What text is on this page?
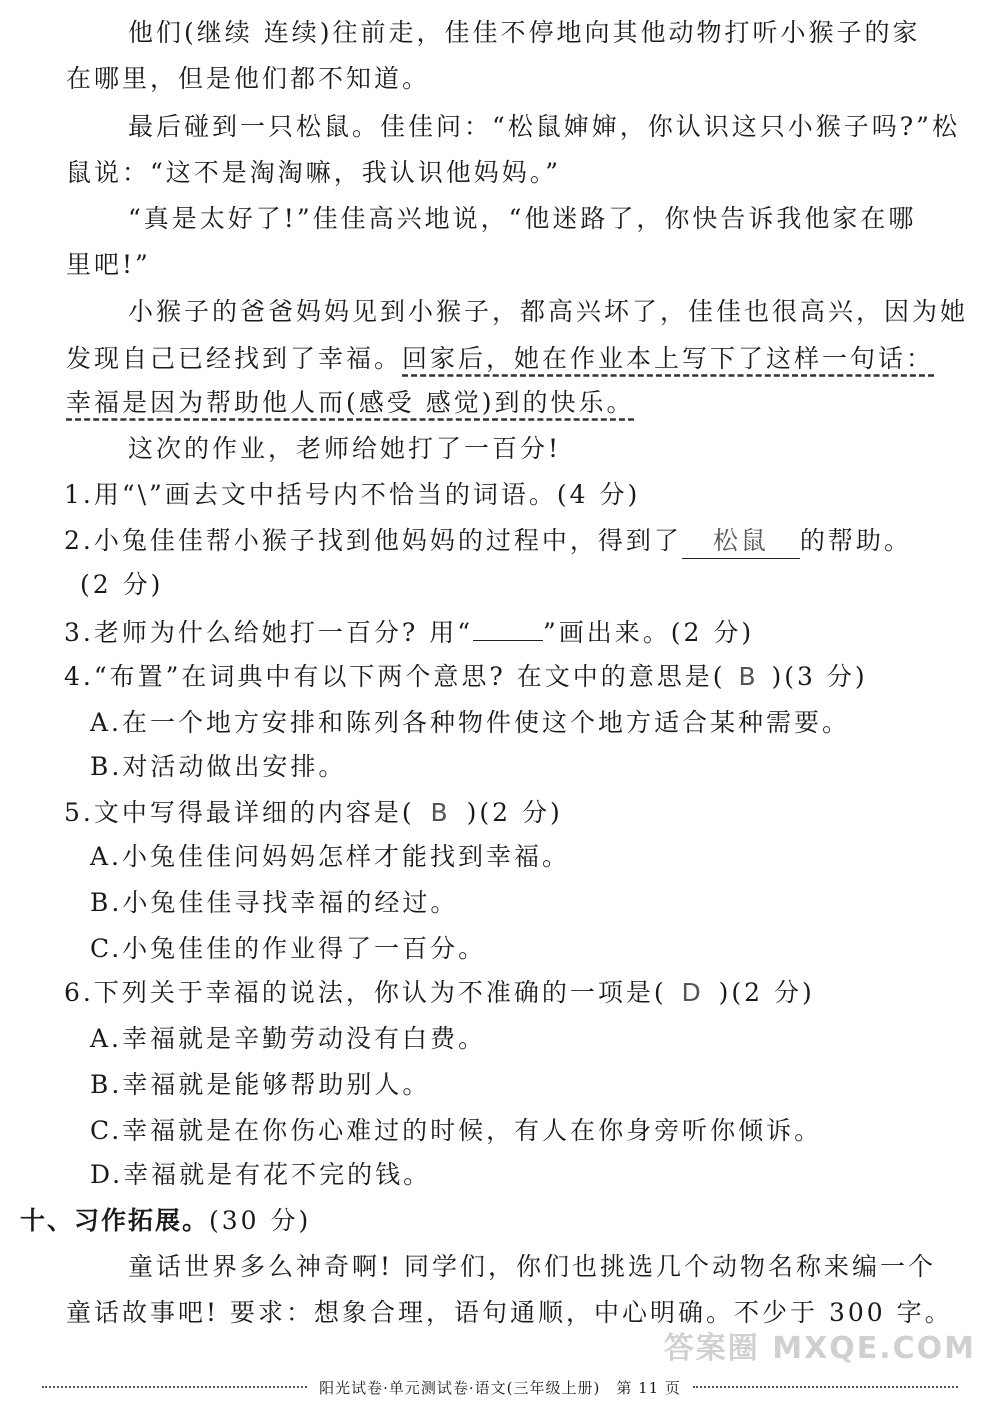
他们(继续 连续)往前走，佳佳不停地向其他动物打听小猴子的家
在哪里，但是他们都不知道。
最后碰到一只松鼠。佳佳问：“松鼠婶婶，你认识这只小猴子吗?”松
鼠说：“这不是淘淘嘛，我认识他妈妈。”
“真是太好了!”佳佳高兴地说，“他迷路了，你快告诉我他家在哪
里吧!”
小猴子的爸爸妈妈见到小猴子，都高兴坏了，佳佳也很高兴，因为她
发现自己已经找到了幸福。回家后，她在作业本上写下了这样一句话：
幸福是因为帮助他人而(感受 感觉)到的快乐。
这次的作业，老师给她打了一百分!
1.用“\”画去文中括号内不恰当的词语。(4 分)
2.小兔佳佳帮小猴子找到他妈妈的过程中，得到了 松鼠 的帮助。
(2 分)
3.老师为什么给她打一百分? 用“	”画出来。(2 分)
4.“布置”在词典中有以下两个意思? 在文中的意思是( B )(3 分)
A.在一个地方安排和陈列各种物件使这个地方适合某种需要。
B.对活动做出安排。
5.文中写得最详细的内容是( B )(2 分)
A.小兔佳佳问妈妈怎样才能找到幸福。
B.小兔佳佳寻找幸福的经过。
C.小兔佳佳的作业得了一百分。
6.下列关于幸福的说法，你认为不准确的一项是( D )(2 分)
A.幸福就是辛勤劳动没有白费。
B.幸福就是能够帮助别人。
C.幸福就是在你伤心难过的时候，有人在你身旁听你倾诉。
D.幸福就是有花不完的钱。
十、习作拓展。(30 分)
童话世界多么神奇啊! 同学们，你们也挑选几个动物名称来编一个
童话故事吧! 要求：想象合理，语句通顺，中心明确。不少于 300 字。
答案圈 MXQE.COM
阳光试卷·单元测试卷·语文(三年级上册) 第 11 页
